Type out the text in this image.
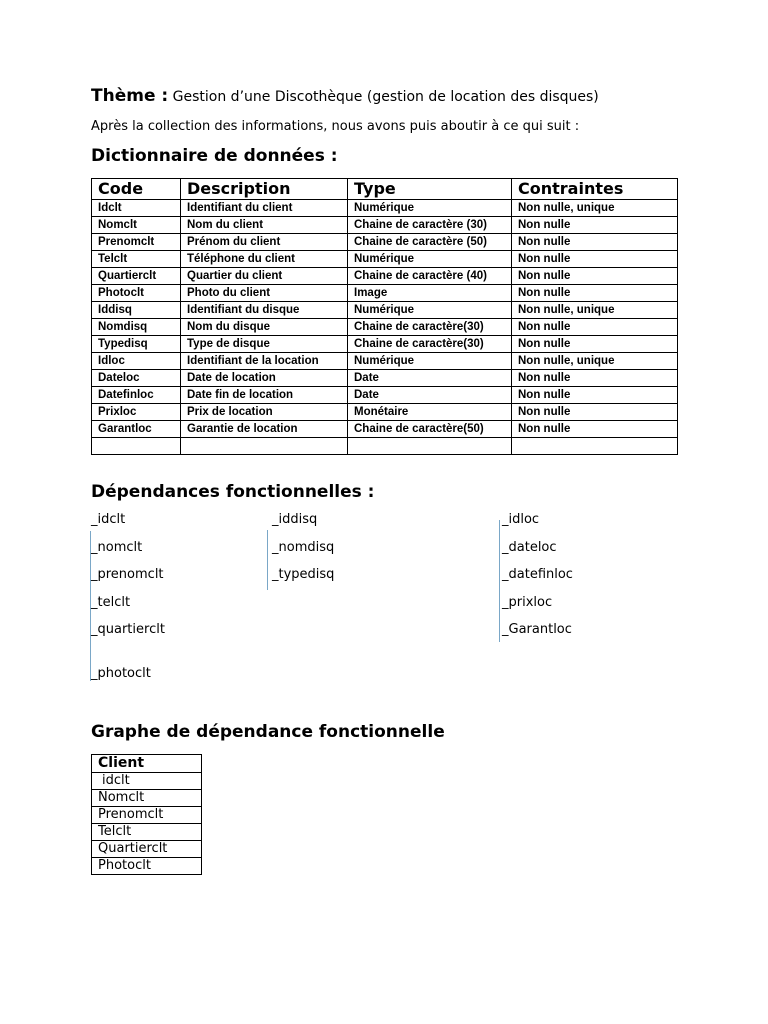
Thème : Gestion d’une Discothèque (gestion de location des disques)
Après la collection des informations, nous avons puis aboutir à ce qui suit :
Dictionnaire de données :
Code	Description	Type	Contraintes
Idclt	Identifiant du client	Numérique	Non nulle, unique
Nomclt	Nom du client	Chaine de caractère (30)	Non nulle
Prenomclt	Prénom du client	Chaine de caractère (50)	Non nulle
Telclt	Téléphone du client	Numérique	Non nulle
Quartierclt	Quartier du client	Chaine de caractère (40)	Non nulle
Photoclt	Photo du client	Image	Non nulle
Iddisq	Identifiant du disque	Numérique	Non nulle, unique
Nomdisq	Nom du disque	Chaine de caractère(30)	Non nulle
Typedisq	Type de disque	Chaine de caractère(30)	Non nulle
Idloc	Identifiant de la location	Numérique	Non nulle, unique
Dateloc	Date de location	Date	Non nulle
Datefinloc	Date fin de location	Date	Non nulle
Prixloc	Prix de location	Monétaire	Non nulle
Garantloc	Garantie de location	Chaine de caractère(50)	Non nulle

Dépendances fonctionnelles :
_idclt
_nomclt
_prenomclt
_telclt
_quartierclt
_photoclt
_iddisq
_nomdisq
_typedisq
_idloc
_dateloc
_datefinloc
_prixloc
_Garantloc
Graphe de dépendance fonctionnelle
Client
idclt
Nomclt
Prenomclt
Telclt
Quartierclt
Photoclt
